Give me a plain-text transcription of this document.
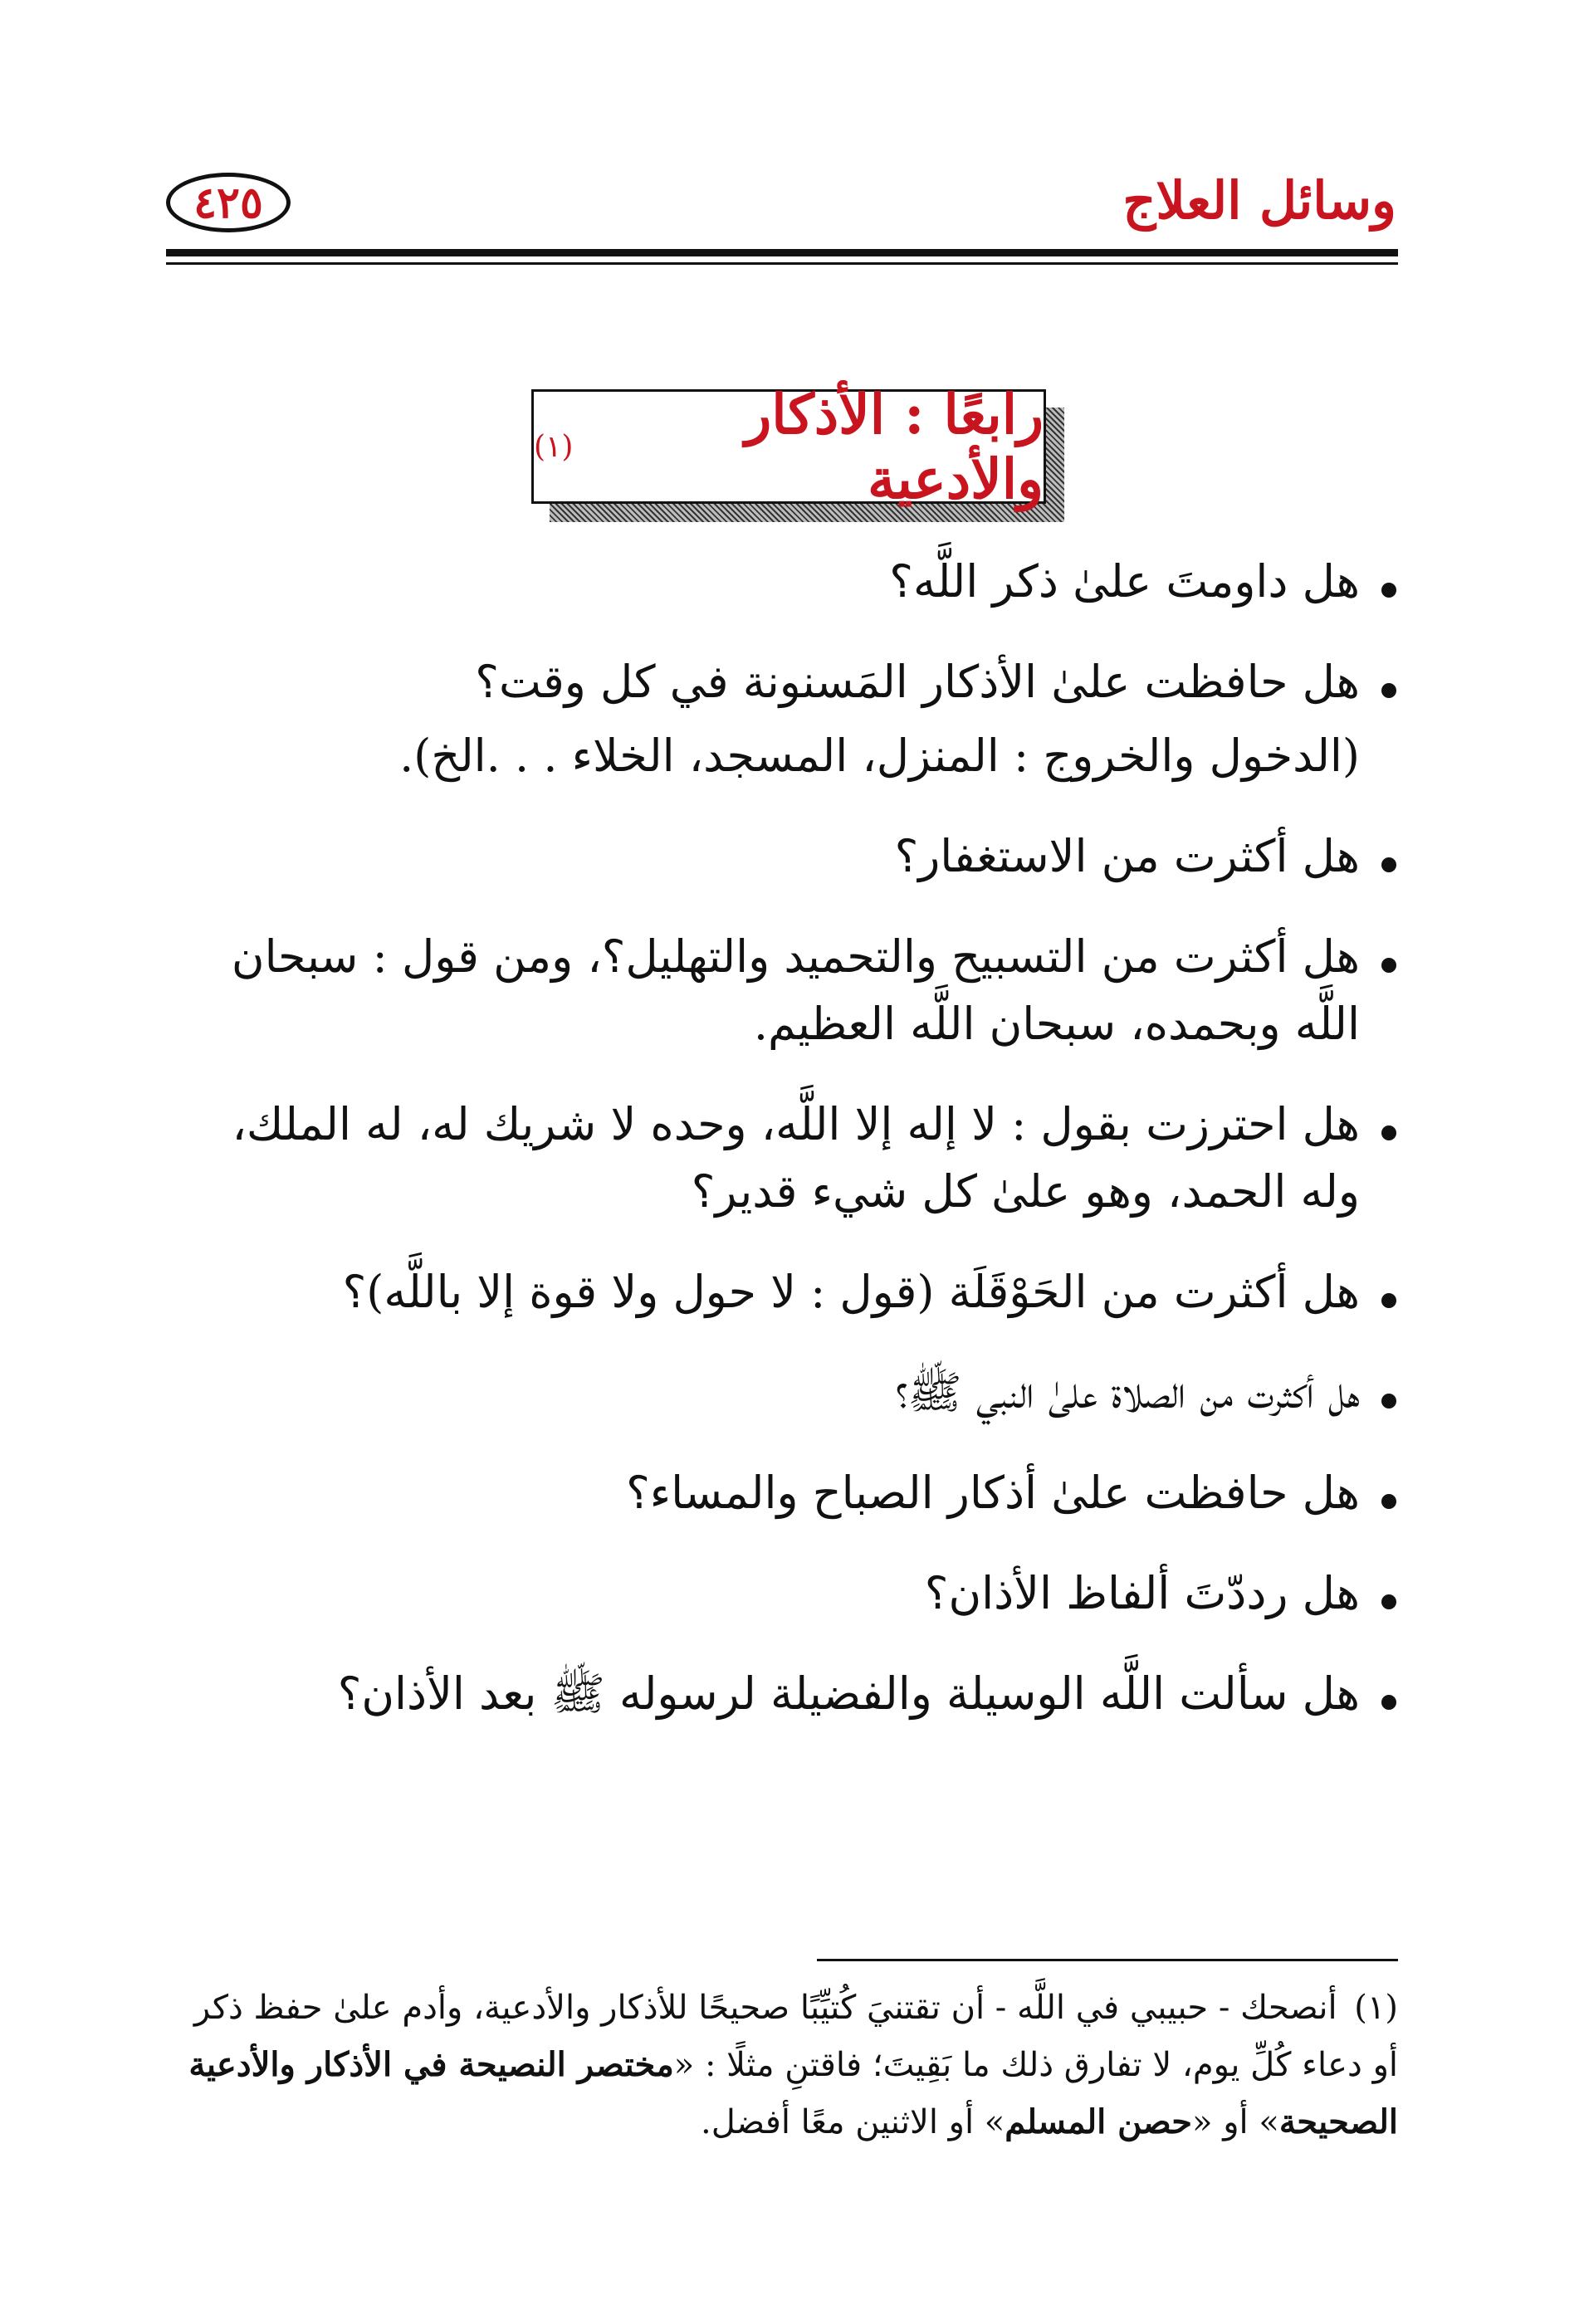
وسائل العلاج
٤٢٥
رابعًا : الأذكار والأدعية
(١)
هل داومتَ علىٰ ذكر اللَّه؟
هل حافظت علىٰ الأذكار المَسنونة في كل وقت؟
(الدخول والخروج : المنزل، المسجد، الخلاء . . .الخ).
هل أكثرت من الاستغفار؟
هل أكثرت من التسبيح والتحميد والتهليل؟، ومن قول : سبحان اللَّه وبحمده، سبحان اللَّه العظيم.
هل احترزت بقول : لا إله إلا اللَّه، وحده لا شريك له، له الملك، وله الحمد، وهو علىٰ كل شيء قدير؟
هل أكثرت من الحَوْقَلَة (قول : لا حول ولا قوة إلا باللَّه)؟
هل أكثرت من الصلاة علىٰ النبي ﷺ؟
هل حافظت علىٰ أذكار الصباح والمساء؟
هل رددّتَ ألفاظ الأذان؟
هل سألت اللَّه الوسيلة والفضيلة لرسوله ﷺ بعد الأذان؟
(١) أنصحك - حبيبي في اللَّه - أن تقتنيَ كُتيِّبًا صحيحًا للأذكار والأدعية، وأدم علىٰ حفظ ذكر أو دعاء كُلِّ يوم، لا تفارق ذلك ما بَقِيتَ؛ فاقتنِ مثلًا : «مختصر النصيحة في الأذكار والأدعية الصحيحة» أو «حصن المسلم» أو الاثنين معًا أفضل.
